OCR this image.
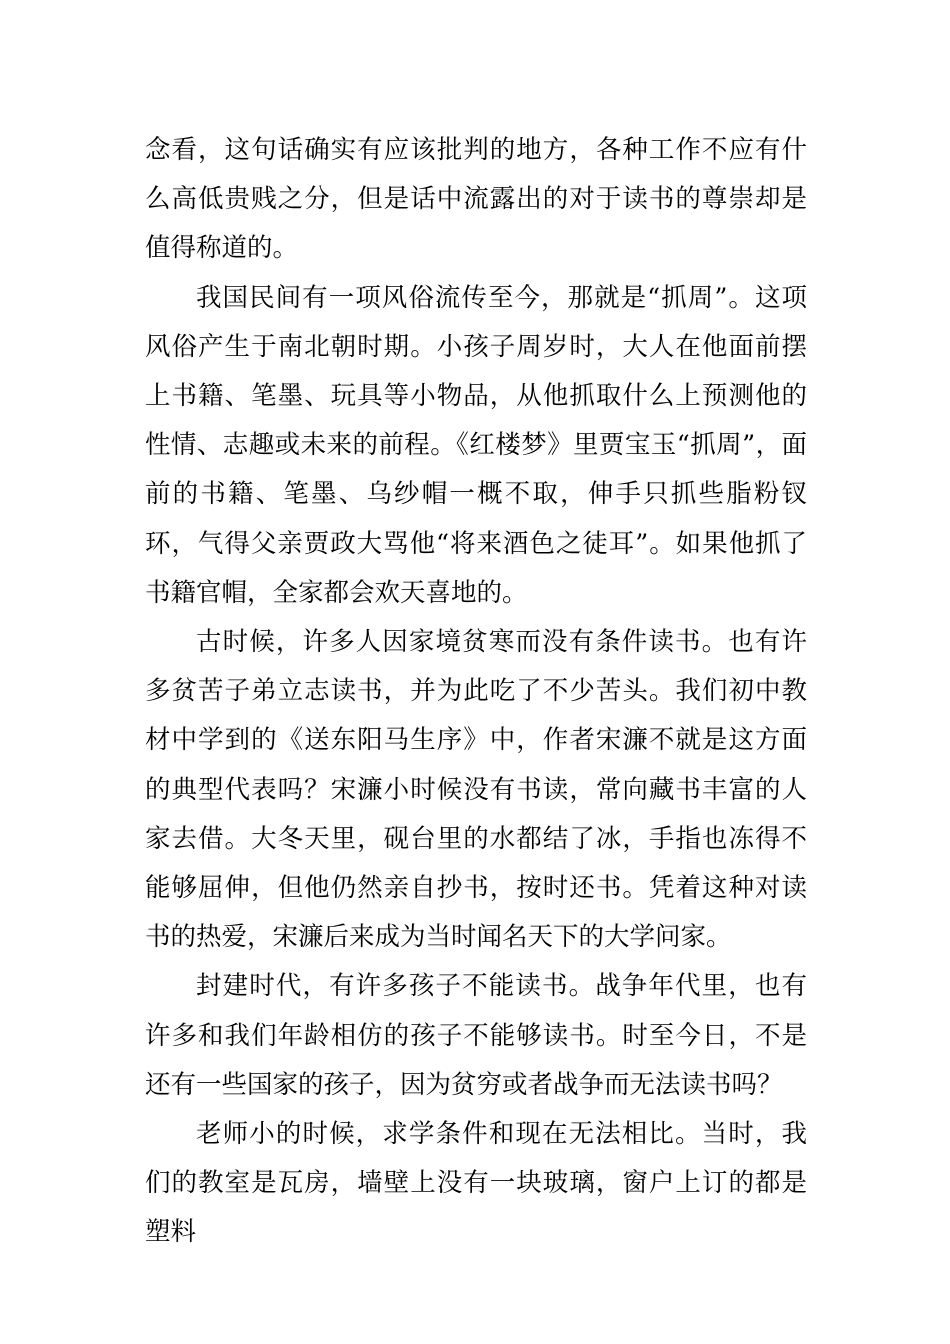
念看，这句话确实有应该批判的地方，各种工作不应有什么高低贵贱之分，但是话中流露出的对于读书的尊崇却是值得称道的。

我国民间有一项风俗流传至今，那就是“抓周”。这项风俗产生于南北朝时期。小孩子周岁时，大人在他面前摆上书籍、笔墨、玩具等小物品，从他抓取什么上预测他的性情、志趣或未来的前程。《红楼梦》里贾宝玉“抓周”，面前的书籍、笔墨、乌纱帽一概不取，伸手只抓些脂粉钗环，气得父亲贾政大骂他“将来酒色之徒耳”。如果他抓了书籍官帽，全家都会欢天喜地的。

古时候，许多人因家境贫寒而没有条件读书。也有许多贫苦子弟立志读书，并为此吃了不少苦头。我们初中教材中学到的《送东阳马生序》中，作者宋濂不就是这方面的典型代表吗？宋濂小时候没有书读，常向藏书丰富的人家去借。大冬天里，砚台里的水都结了冰，手指也冻得不能够屈伸，但他仍然亲自抄书，按时还书。凭着这种对读书的热爱，宋濂后来成为当时闻名天下的大学问家。

封建时代，有许多孩子不能读书。战争年代里，也有许多和我们年龄相仿的孩子不能够读书。时至今日，不是还有一些国家的孩子，因为贫穷或者战争而无法读书吗？

老师小的时候，求学条件和现在无法相比。当时，我们的教室是瓦房，墙壁上没有一块玻璃，窗户上订的都是塑料
